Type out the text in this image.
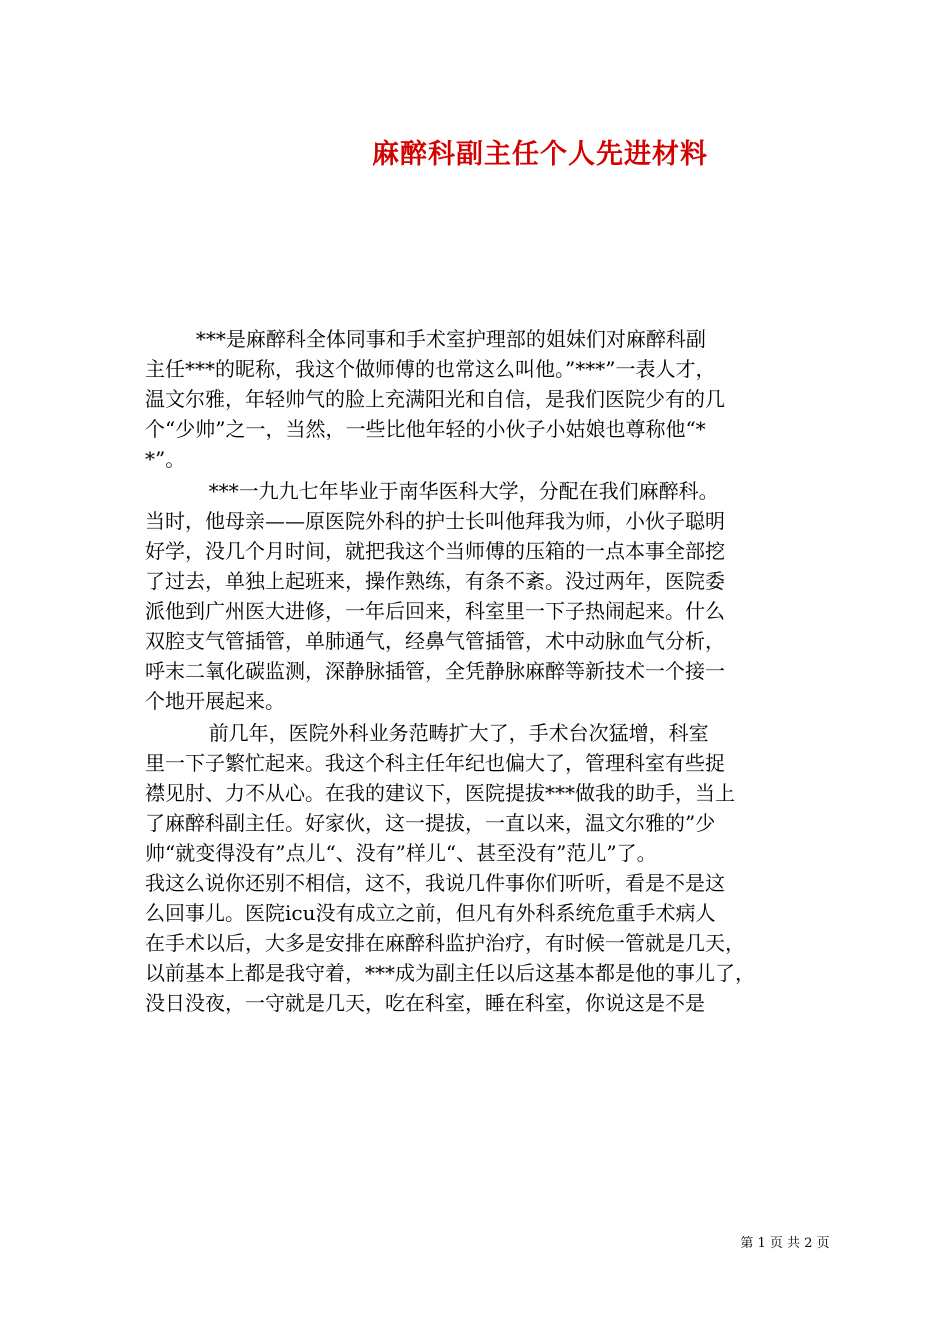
麻醉科副主任个人先进材料
***是麻醉科全体同事和手术室护理部的姐妹们对麻醉科副
主任***的昵称，我这个做师傅的也常这么叫他。”***”一表人才，
温文尔雅，年轻帅气的脸上充满阳光和自信，是我们医院少有的几
个“少帅”之一，当然，一些比他年轻的小伙子小姑娘也尊称他“*
*”。
***一九九七年毕业于南华医科大学，分配在我们麻醉科。
当时，他母亲——原医院外科的护士长叫他拜我为师，小伙子聪明
好学，没几个月时间，就把我这个当师傅的压箱的一点本事全部挖
了过去，单独上起班来，操作熟练，有条不紊。没过两年，医院委
派他到广州医大进修，一年后回来，科室里一下子热闹起来。什么
双腔支气管插管，单肺通气，经鼻气管插管，术中动脉血气分析，
呼末二氧化碳监测，深静脉插管，全凭静脉麻醉等新技术一个接一
个地开展起来。
前几年，医院外科业务范畴扩大了，手术台次猛增，科室
里一下子繁忙起来。我这个科主任年纪也偏大了，管理科室有些捉
襟见肘、力不从心。在我的建议下，医院提拔***做我的助手，当上
了麻醉科副主任。好家伙，这一提拔，一直以来，温文尔雅的”少
帅“就变得没有”点儿“、没有”样儿“、甚至没有”范儿”了。
我这么说你还别不相信，这不，我说几件事你们听听，看是不是这
么回事儿。医院icu没有成立之前，但凡有外科系统危重手术病人
在手术以后，大多是安排在麻醉科监护治疗，有时候一管就是几天，
以前基本上都是我守着，***成为副主任以后这基本都是他的事儿了，
没日没夜，一守就是几天，吃在科室，睡在科室，你说这是不是
第 1 页 共 2 页
